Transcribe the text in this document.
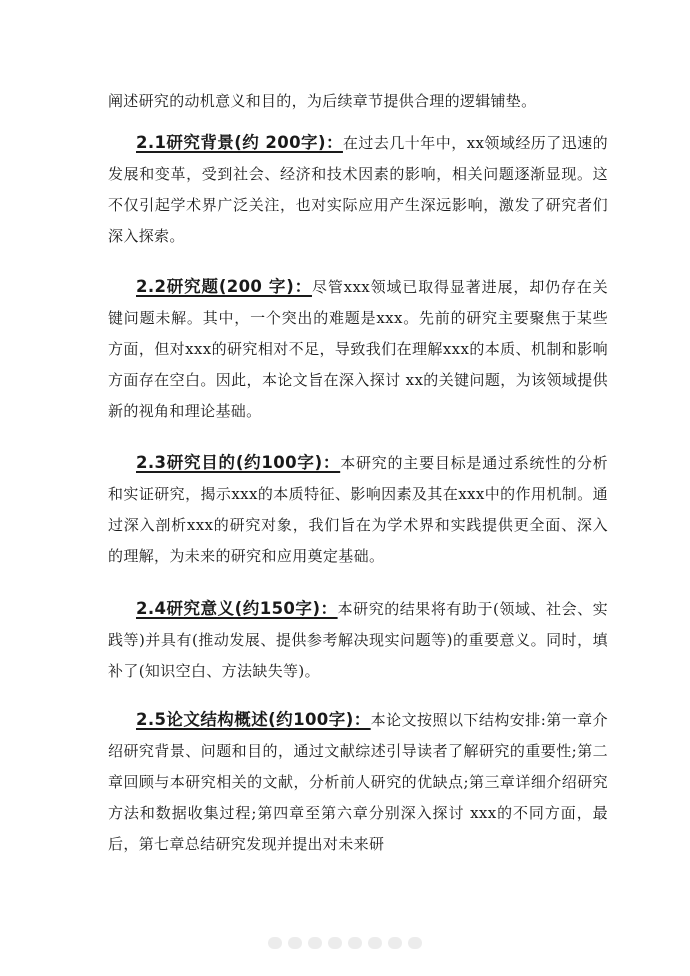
阐述研究的动机意义和目的，为后续章节提供合理的逻辑铺垫。

2.1研究背景(约 200字)：在过去几十年中，xx领域经历了迅速的发展和变革，受到社会、经济和技术因素的影响，相关问题逐渐显现。这不仅引起学术界广泛关注，也对实际应用产生深远影响，激发了研究者们深入探索。

2.2研究题(200 字)：尽管xxx领域已取得显著进展，却仍存在关键问题未解。其中，一个突出的难题是xxx。先前的研究主要聚焦于某些方面，但对xxx的研究相对不足，导致我们在理解xxx的本质、机制和影响方面存在空白。因此，本论文旨在深入探讨 xx的关键问题，为该领域提供新的视角和理论基础。

2.3研究目的(约100字)：本研究的主要目标是通过系统性的分析和实证研究，揭示xxx的本质特征、影响因素及其在xxx中的作用机制。通过深入剖析xxx的研究对象，我们旨在为学术界和实践提供更全面、深入的理解，为未来的研究和应用奠定基础。

2.4研究意义(约150字)：本研究的结果将有助于(领域、社会、实践等)并具有(推动发展、提供参考解决现实问题等)的重要意义。同时，填补了(知识空白、方法缺失等)。

2.5论文结构概述(约100字)：本论文按照以下结构安排:第一章介绍研究背景、问题和目的，通过文献综述引导读者了解研究的重要性;第二章回顾与本研究相关的文献，分析前人研究的优缺点;第三章详细介绍研究方法和数据收集过程;第四章至第六章分别深入探讨 xxx的不同方面，最后，第七章总结研究发现并提出对未来研
